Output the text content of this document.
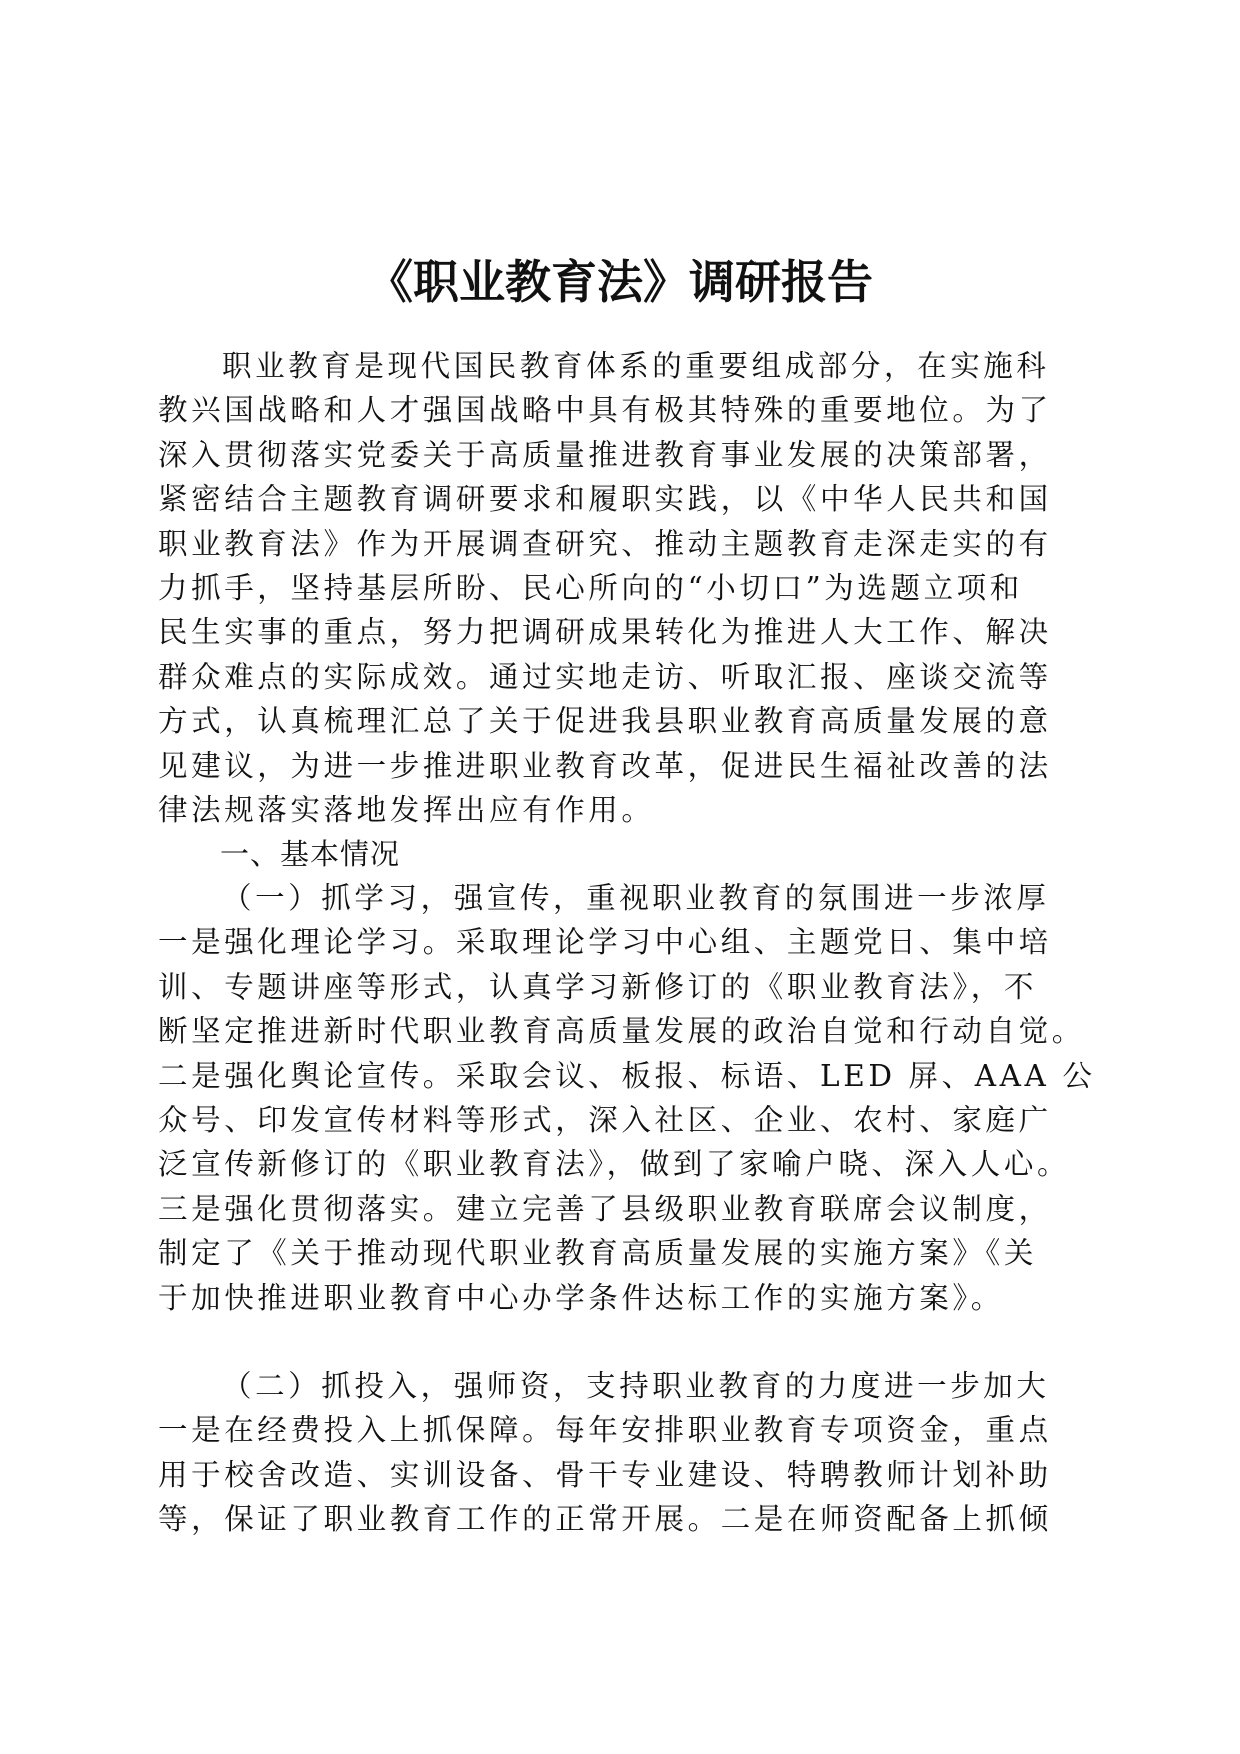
《职业教育法》调研报告
职业教育是现代国民教育体系的重要组成部分，在实施科
教兴国战略和人才强国战略中具有极其特殊的重要地位。为了
深入贯彻落实党委关于高质量推进教育事业发展的决策部署，
紧密结合主题教育调研要求和履职实践，以《中华人民共和国
职业教育法》作为开展调查研究、推动主题教育走深走实的有
力抓手，坚持基层所盼、民心所向的“小切口”为选题立项和
民生实事的重点，努力把调研成果转化为推进人大工作、解决
群众难点的实际成效。通过实地走访、听取汇报、座谈交流等
方式，认真梳理汇总了关于促进我县职业教育高质量发展的意
见建议，为进一步推进职业教育改革，促进民生福祉改善的法
律法规落实落地发挥出应有作用。
一、基本情况
（一）抓学习，强宣传，重视职业教育的氛围进一步浓厚
一是强化理论学习。采取理论学习中心组、主题党日、集中培
训、专题讲座等形式，认真学习新修订的《职业教育法》，不
断坚定推进新时代职业教育高质量发展的政治自觉和行动自觉。
二是强化舆论宣传。采取会议、板报、标语、LED 屏、AAA 公
众号、印发宣传材料等形式，深入社区、企业、农村、家庭广
泛宣传新修订的《职业教育法》，做到了家喻户晓、深入人心。
三是强化贯彻落实。建立完善了县级职业教育联席会议制度，
制定了《关于推动现代职业教育高质量发展的实施方案》《关
于加快推进职业教育中心办学条件达标工作的实施方案》。
（二）抓投入，强师资，支持职业教育的力度进一步加大
一是在经费投入上抓保障。每年安排职业教育专项资金，重点
用于校舍改造、实训设备、骨干专业建设、特聘教师计划补助
等，保证了职业教育工作的正常开展。二是在师资配备上抓倾
